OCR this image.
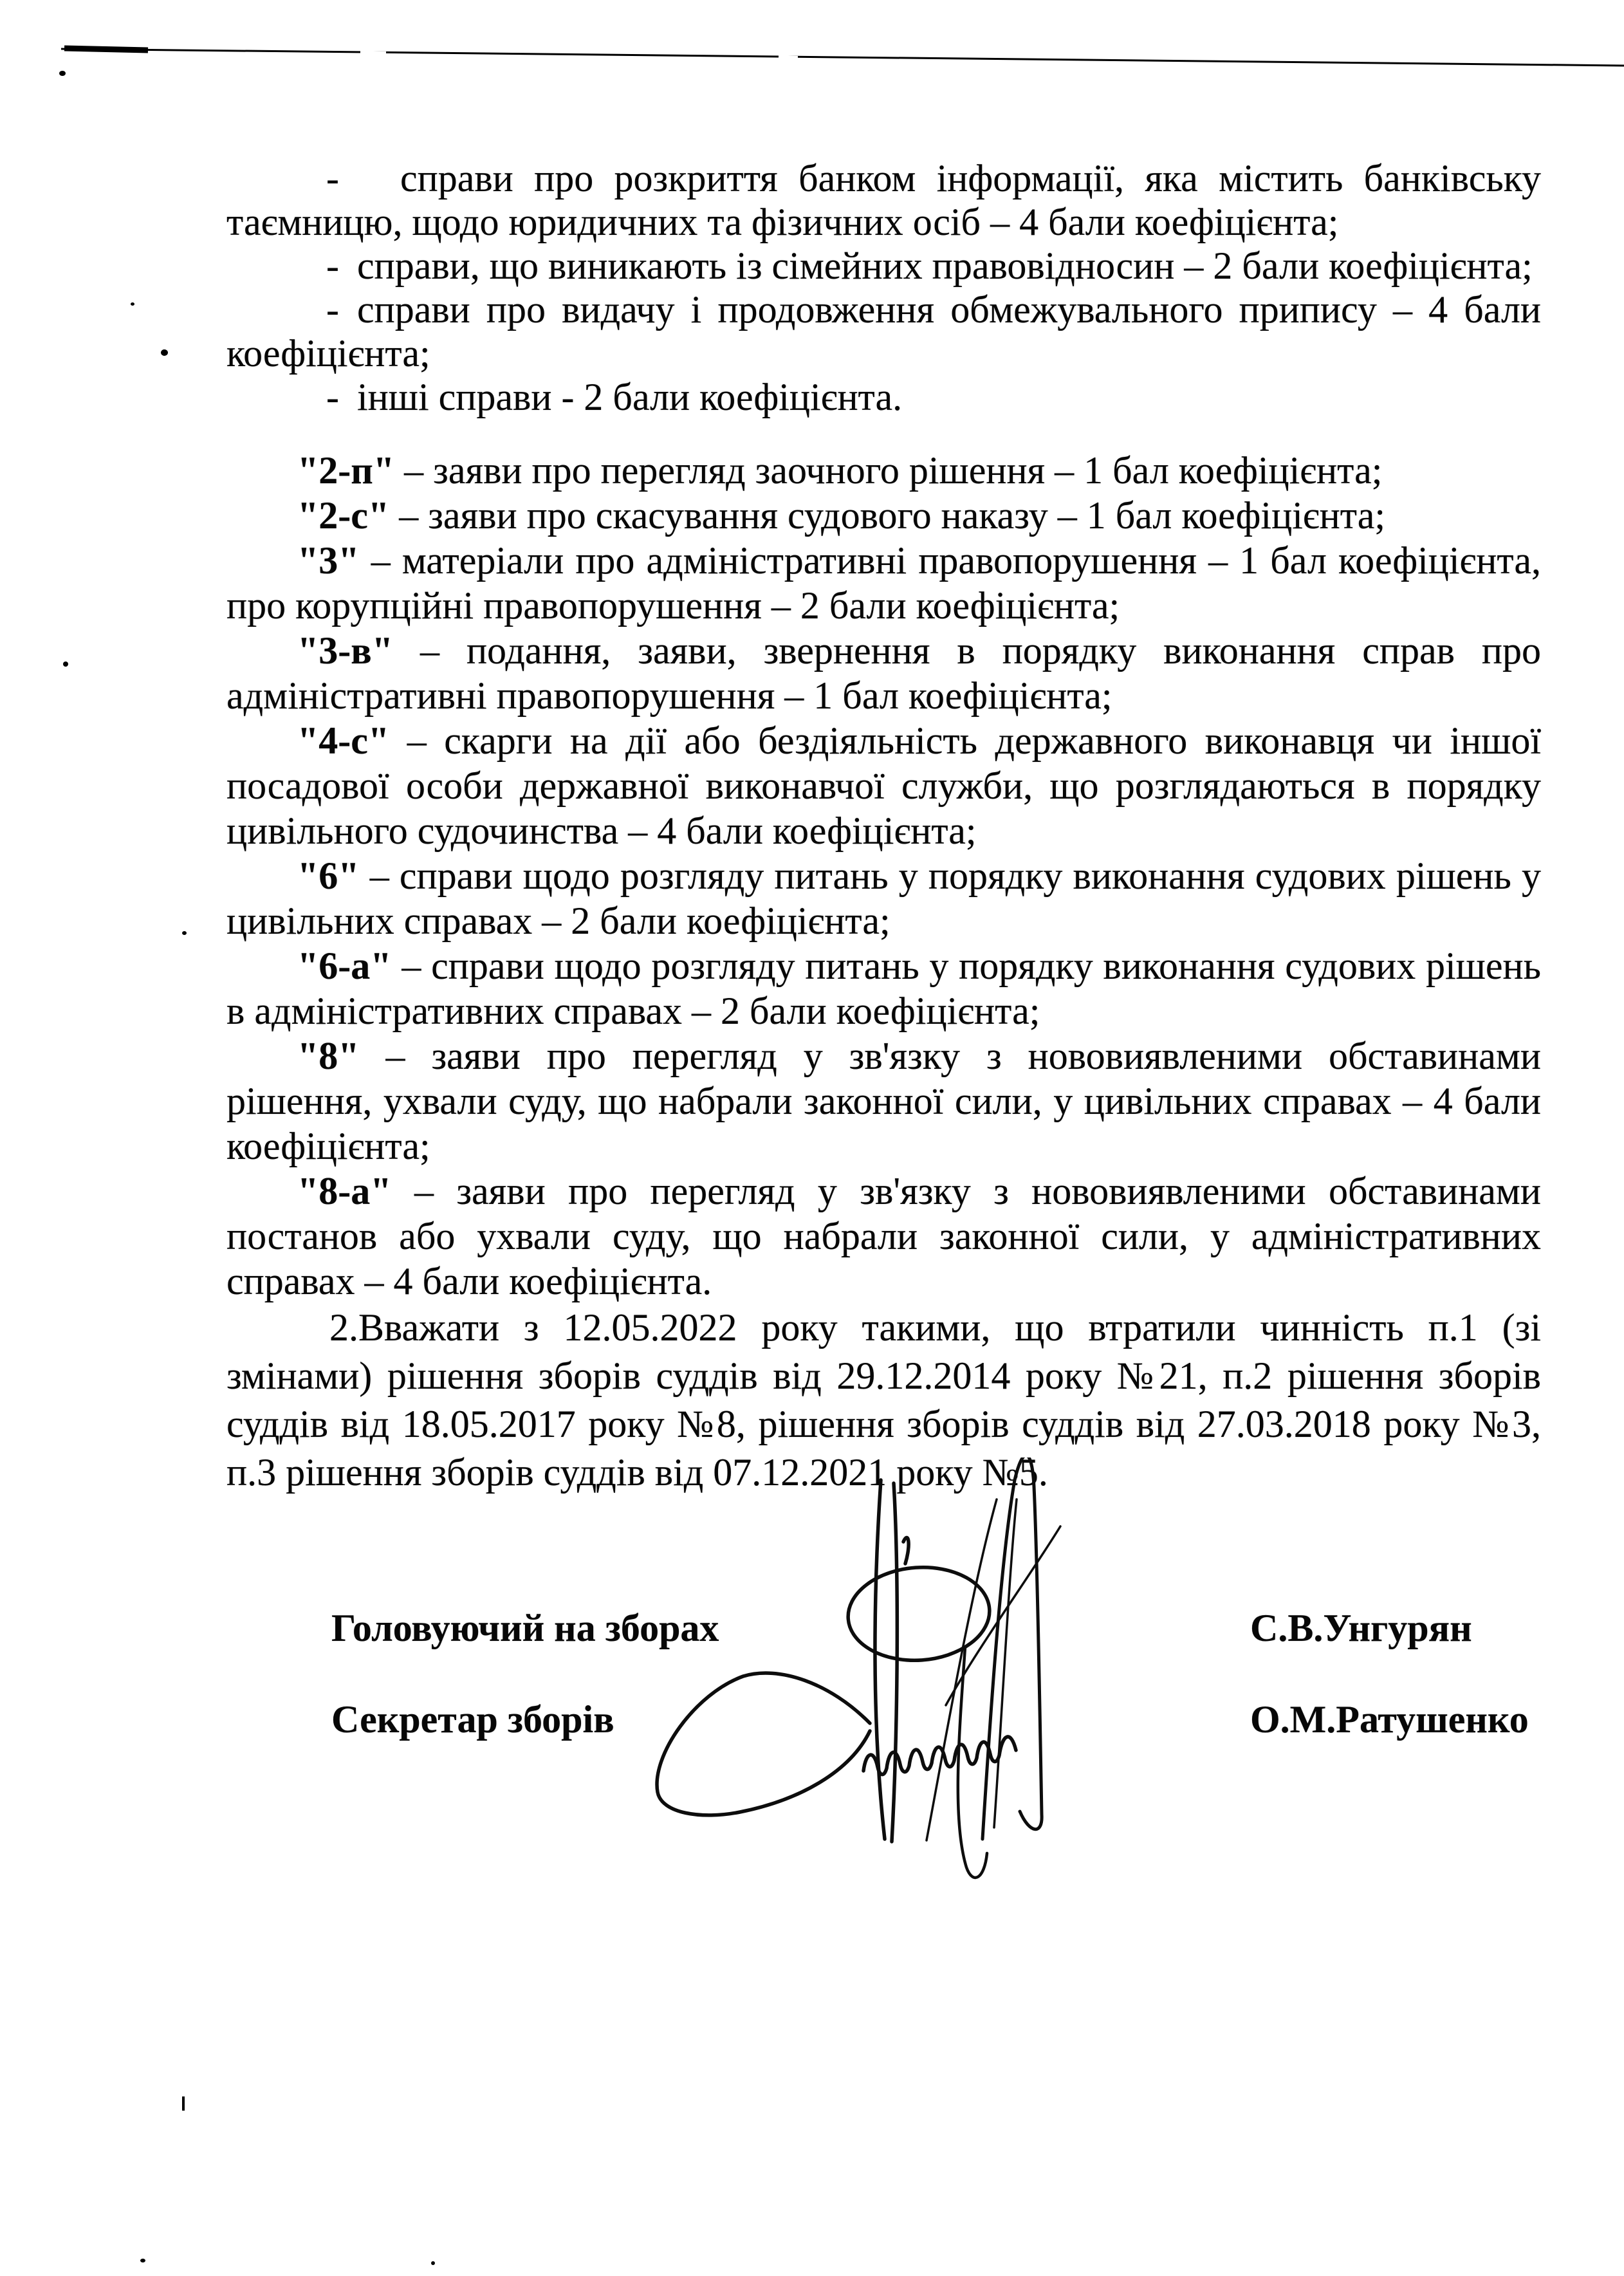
- справи про розкриття банком інформації, яка містить банківську таємницю, щодо юридичних та фізичних осіб – 4 бали коефіцієнта;

- справи, що виникають із сімейних правовідносин – 2 бали коефіцієнта;

- справи про видачу і продовження обмежувального припису – 4 бали коефіцієнта;

- інші справи - 2 бали коефіцієнта.

"2-п" – заяви про перегляд заочного рішення – 1 бал коефіцієнта;

"2-с" – заяви про скасування судового наказу – 1 бал коефіцієнта;

"3" – матеріали про адміністративні правопорушення – 1 бал коефіцієнта, про корупційні правопорушення – 2 бали коефіцієнта;

"3-в" – подання, заяви, звернення в порядку виконання справ про адміністративні правопорушення – 1 бал коефіцієнта;

"4-с" – скарги на дії або бездіяльність державного виконавця чи іншої посадової особи державної виконавчої служби, що розглядаються в порядку цивільного судочинства – 4 бали коефіцієнта;

"6" – справи щодо розгляду питань у порядку виконання судових рішень у цивільних справах – 2 бали коефіцієнта;

"6-а" – справи щодо розгляду питань у порядку виконання судових рішень в адміністративних справах – 2 бали коефіцієнта;

"8" – заяви про перегляд у зв'язку з нововиявленими обставинами рішення, ухвали суду, що набрали законної сили, у цивільних справах – 4 бали коефіцієнта;

"8-а" – заяви про перегляд у зв'язку з нововиявленими обставинами постанов або ухвали суду, що набрали законної сили, у адміністративних справах – 4 бали коефіцієнта.

2.Вважати з 12.05.2022 року такими, що втратили чинність п.1 (зі змінами) рішення зборів суддів від 29.12.2014 року №21, п.2 рішення зборів суддів від 18.05.2017 року №8, рішення зборів суддів від 27.03.2018 року №3, п.3 рішення зборів суддів від 07.12.2021 року №5.

Головуючий на зборах	С.В.Унгурян
Секретар зборів	О.М.Ратушенко
